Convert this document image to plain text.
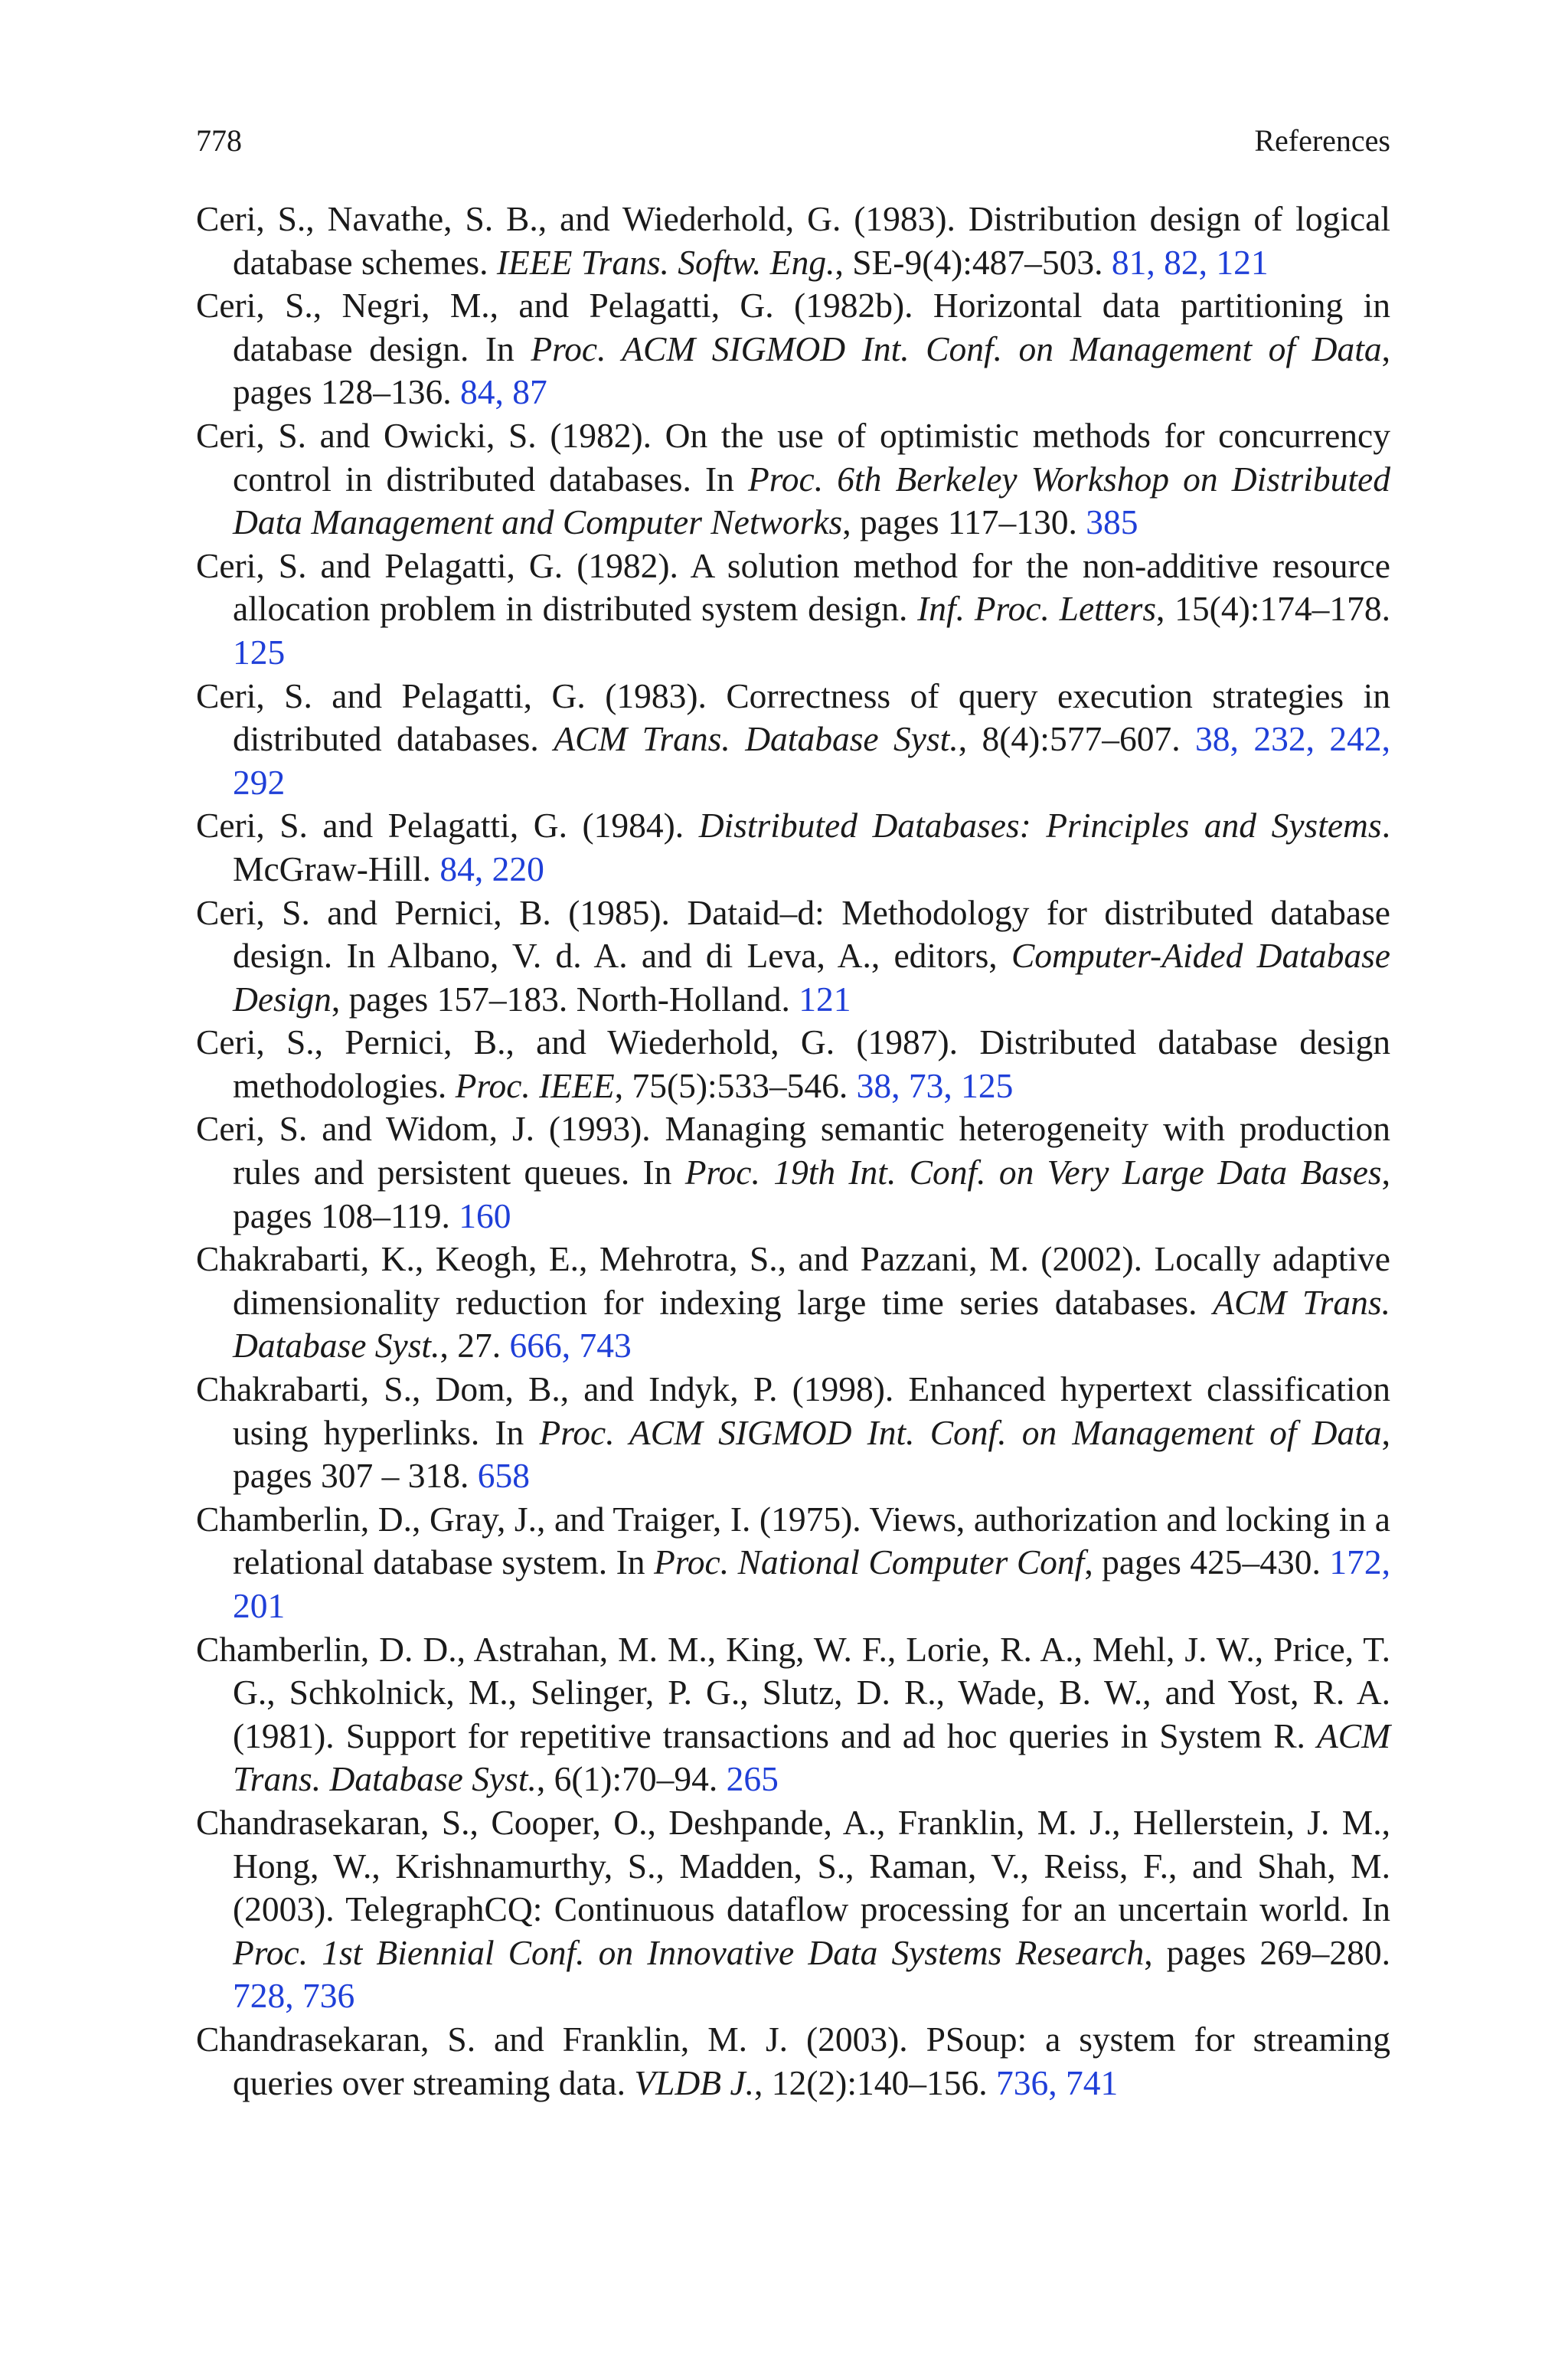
778	References
Ceri, S., Navathe, S. B., and Wiederhold, G. (1983). Distribution design of logical database schemes. IEEE Trans. Softw. Eng., SE-9(4):487–503. 81, 82, 121
Ceri, S., Negri, M., and Pelagatti, G. (1982b). Horizontal data partitioning in database design. In Proc. ACM SIGMOD Int. Conf. on Management of Data, pages 128–136. 84, 87
Ceri, S. and Owicki, S. (1982). On the use of optimistic methods for concurrency control in distributed databases. In Proc. 6th Berkeley Workshop on Distributed Data Management and Computer Networks, pages 117–130. 385
Ceri, S. and Pelagatti, G. (1982). A solution method for the non-additive resource allocation problem in distributed system design. Inf. Proc. Letters, 15(4):174–178. 125
Ceri, S. and Pelagatti, G. (1983). Correctness of query execution strategies in distributed databases. ACM Trans. Database Syst., 8(4):577–607. 38, 232, 242, 292
Ceri, S. and Pelagatti, G. (1984). Distributed Databases: Principles and Systems. McGraw-Hill. 84, 220
Ceri, S. and Pernici, B. (1985). Dataid–d: Methodology for distributed database design. In Albano, V. d. A. and di Leva, A., editors, Computer-Aided Database Design, pages 157–183. North-Holland. 121
Ceri, S., Pernici, B., and Wiederhold, G. (1987). Distributed database design methodologies. Proc. IEEE, 75(5):533–546. 38, 73, 125
Ceri, S. and Widom, J. (1993). Managing semantic heterogeneity with production rules and persistent queues. In Proc. 19th Int. Conf. on Very Large Data Bases, pages 108–119. 160
Chakrabarti, K., Keogh, E., Mehrotra, S., and Pazzani, M. (2002). Locally adaptive dimensionality reduction for indexing large time series databases. ACM Trans. Database Syst., 27. 666, 743
Chakrabarti, S., Dom, B., and Indyk, P. (1998). Enhanced hypertext classification using hyperlinks. In Proc. ACM SIGMOD Int. Conf. on Management of Data, pages 307 – 318. 658
Chamberlin, D., Gray, J., and Traiger, I. (1975). Views, authorization and locking in a relational database system. In Proc. National Computer Conf, pages 425–430. 172, 201
Chamberlin, D. D., Astrahan, M. M., King, W. F., Lorie, R. A., Mehl, J. W., Price, T. G., Schkolnick, M., Selinger, P. G., Slutz, D. R., Wade, B. W., and Yost, R. A. (1981). Support for repetitive transactions and ad hoc queries in System R. ACM Trans. Database Syst., 6(1):70–94. 265
Chandrasekaran, S., Cooper, O., Deshpande, A., Franklin, M. J., Hellerstein, J. M., Hong, W., Krishnamurthy, S., Madden, S., Raman, V., Reiss, F., and Shah, M. (2003). TelegraphCQ: Continuous dataflow processing for an uncertain world. In Proc. 1st Biennial Conf. on Innovative Data Systems Research, pages 269–280. 728, 736
Chandrasekaran, S. and Franklin, M. J. (2003). PSoup: a system for streaming queries over streaming data. VLDB J., 12(2):140–156. 736, 741
